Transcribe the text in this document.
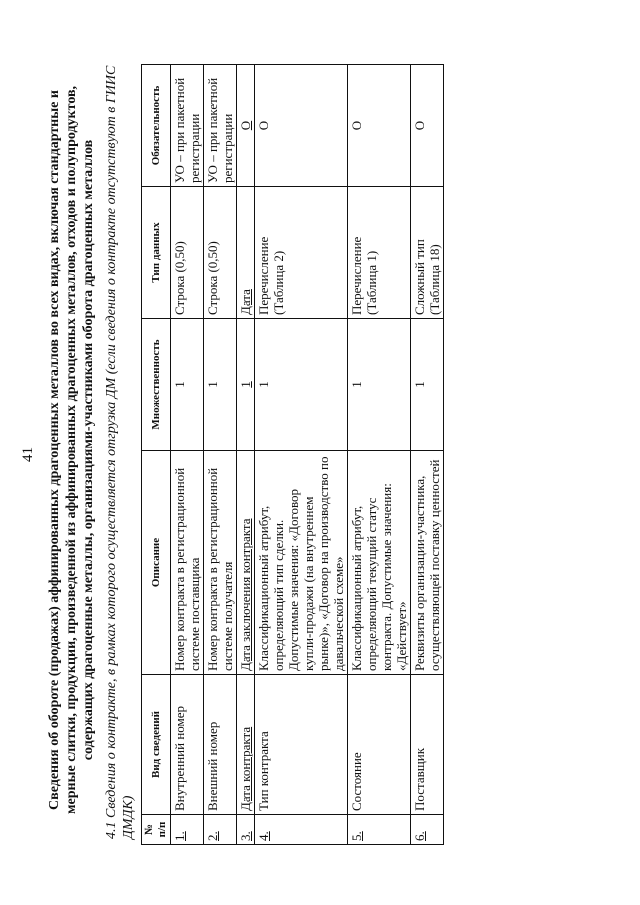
41 Сведения об обороте (продажах) аффинированных драгоценных металлов во всех видах, включая стандартные и мерные слитки, продукции, произведенной из аффинированных драгоценных металлов, отходов и полупродуктов, содержащих драгоценные металлы, организациями-участниками оборота драгоценных металлов 4.1 Сведения о контракте, в рамках которого осуществляется отгрузка ДМ (если сведения о контракте отсутствуют в ГИИС ДМДК) № п/п	Вид сведений	Описание	Множественность	Тип данных	Обязательность
1.	Внутренний номер	Номер контракта в регистрационной системе поставщика	1	Строка (0,50)	УО – при пакетной регистрации
2.	Внешний номер	Номер контракта в регистрационной системе получателя	1	Строка (0,50)	УО – при пакетной регистрации
3.	Дата контракта	Дата заключения контракта	1	Дата	О
4.	Тип контракта	Классификационный атрибут, определяющий тип сделки. Допустимые значения: «Договор купли-продажи (на внутреннем рынке)», «Договор на производство по давальческой схеме»	1	Перечисление (Таблица 2)	О
5.	Состояние	Классификационный атрибут, определяющий текущий статус контракта. Допустимые значения: «Действует»	1	Перечисление (Таблица 1)	О
6.	Поставщик	Реквизиты организации-участника, осуществляющей поставку ценностей	1	Сложный тип (Таблица 18)	О
